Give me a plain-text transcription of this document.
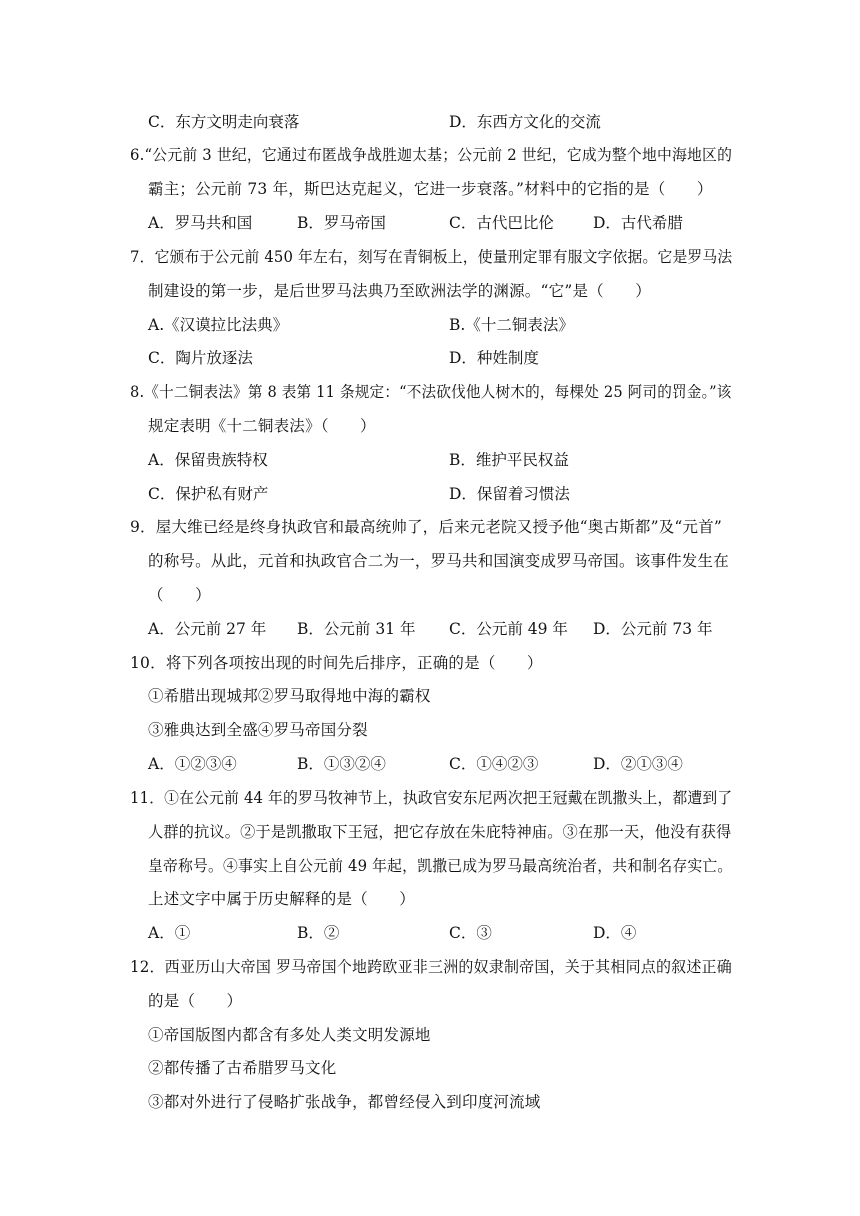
C．东方文明走向衰落	D．东西方文化的交流
6.“公元前 3 世纪，它通过布匿战争战胜迦太基；公元前 2 世纪，它成为整个地中海地区的
霸主；公元前 73 年，斯巴达克起义，它进一步衰落。”材料中的它指的是（　　）
A．罗马共和国	B．罗马帝国	C．古代巴比伦	D．古代希腊
7．它颁布于公元前 450 年左右，刻写在青铜板上，使量刑定罪有服文字依据。它是罗马法
制建设的第一步，是后世罗马法典乃至欧洲法学的渊源。“它”是（　　）
A.《汉谟拉比法典》	B.《十二铜表法》
C．陶片放逐法	D．种姓制度
8.《十二铜表法》第 8 表第 11 条规定：“不法砍伐他人树木的，每棵处 25 阿司的罚金。”该
规定表明《十二铜表法》（　　）
A．保留贵族特权	B．维护平民权益
C．保护私有财产	D．保留着习惯法
9．屋大维已经是终身执政官和最高统帅了，后来元老院又授予他“奥古斯都”及“元首”
的称号。从此，元首和执政官合二为一，罗马共和国演变成罗马帝国。该事件发生在
（　　）
A．公元前 27 年 B．公元前 31 年 C．公元前 49 年 D．公元前 73 年
10．将下列各项按出现的时间先后排序，正确的是（　　）
①希腊出现城邦②罗马取得地中海的霸权
③雅典达到全盛④罗马帝国分裂
A．①②③④	B．①③②④	C．①④②③	D．②①③④
11．①在公元前 44 年的罗马牧神节上，执政官安东尼两次把王冠戴在凯撒头上，都遭到了
人群的抗议。②于是凯撒取下王冠，把它存放在朱庇特神庙。③在那一天，他没有获得
皇帝称号。④事实上自公元前 49 年起，凯撒已成为罗马最高统治者，共和制名存实亡。
上述文字中属于历史解释的是（　　）
A．①	B．②	C．③	D．④
12．西亚历山大帝国 罗马帝国个地跨欧亚非三洲的奴隶制帝国，关于其相同点的叙述正确
的是（　　）
①帝国版图内都含有多处人类文明发源地
②都传播了古希腊罗马文化
③都对外进行了侵略扩张战争，都曾经侵入到印度河流域
